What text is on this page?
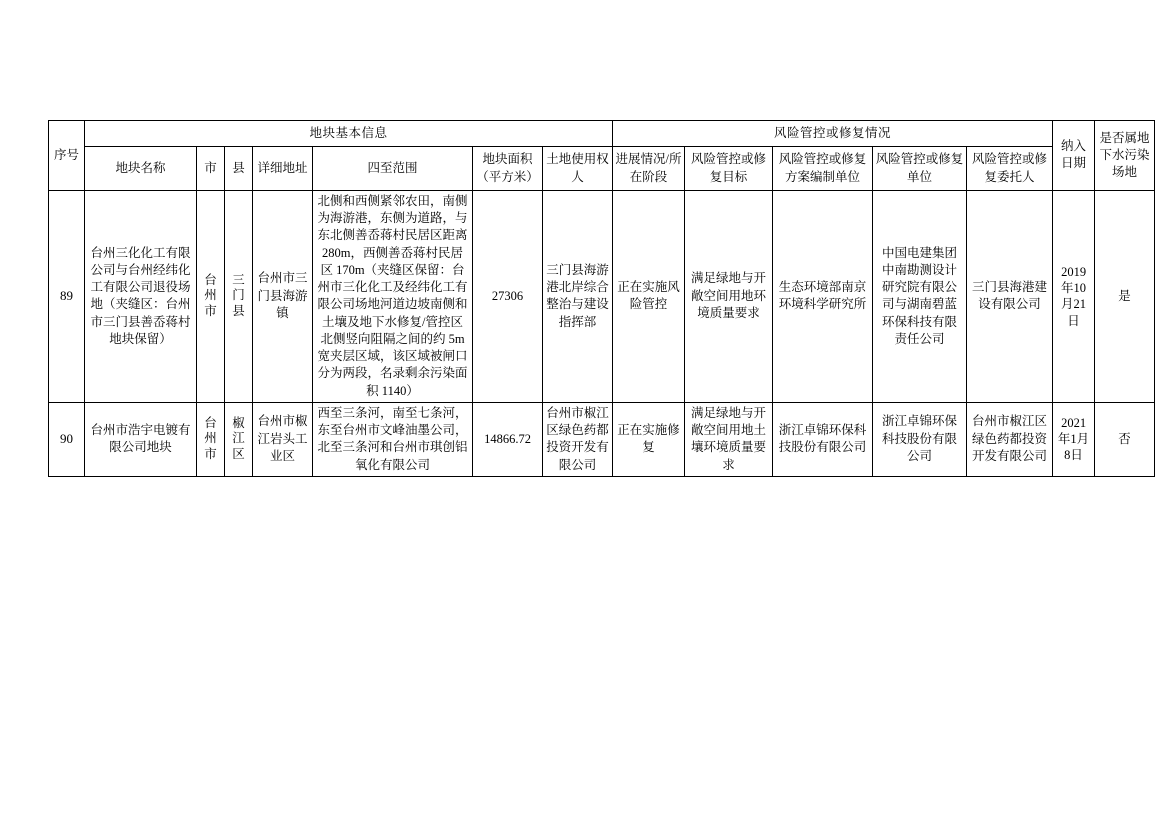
序号	地块基本信息							风险管控或修复情况					纳入日期	是否属地下水污染场地
	地块名称	市	县	详细地址	四至范围	地块面积（平方米）	土地使用权人	进展情况/所在阶段	风险管控或修复目标	风险管控或修复方案编制单位	风险管控或修复单位	风险管控或修复委托人		
89	台州三化化工有限公司与台州经纬化工有限公司退役场地（夹缝区：台州市三门县善岙蒋村地块保留）	台州市	三门县	台州市三门县海游镇	北侧和西侧紧邻农田，南侧为海游港，东侧为道路，与东北侧善岙蒋村民居区距离 280m，西侧善岙蒋村民居区 170m（夹缝区保留：台州市三化化工及经纬化工有限公司场地河道边坡南侧和土壤及地下水修复/管控区北侧竖向阻隔之间的约 5m 宽夹层区域，该区域被闸口分为两段，名录剩余污染面积 1140）	27306	三门县海游港北岸综合整治与建设指挥部	正在实施风险管控	满足绿地与开敞空间用地环境质量要求	生态环境部南京环境科学研究所	中国电建集团中南勘测设计研究院有限公司与湖南碧蓝环保科技有限责任公司	三门县海港建设有限公司	2019年10月21日	是
90	台州市浩宇电镀有限公司地块	台州市	椒江区	台州市椒江岩头工业区	西至三条河，南至七条河，东至台州市文峰油墨公司，北至三条河和台州市琪创铝氧化有限公司	14866.72	台州市椒江区绿色药都投资开发有限公司	正在实施修复	满足绿地与开敞空间用地土壤环境质量要求	浙江卓锦环保科技股份有限公司	浙江卓锦环保科技股份有限公司	台州市椒江区绿色药都投资开发有限公司	2021年1月8日	否
